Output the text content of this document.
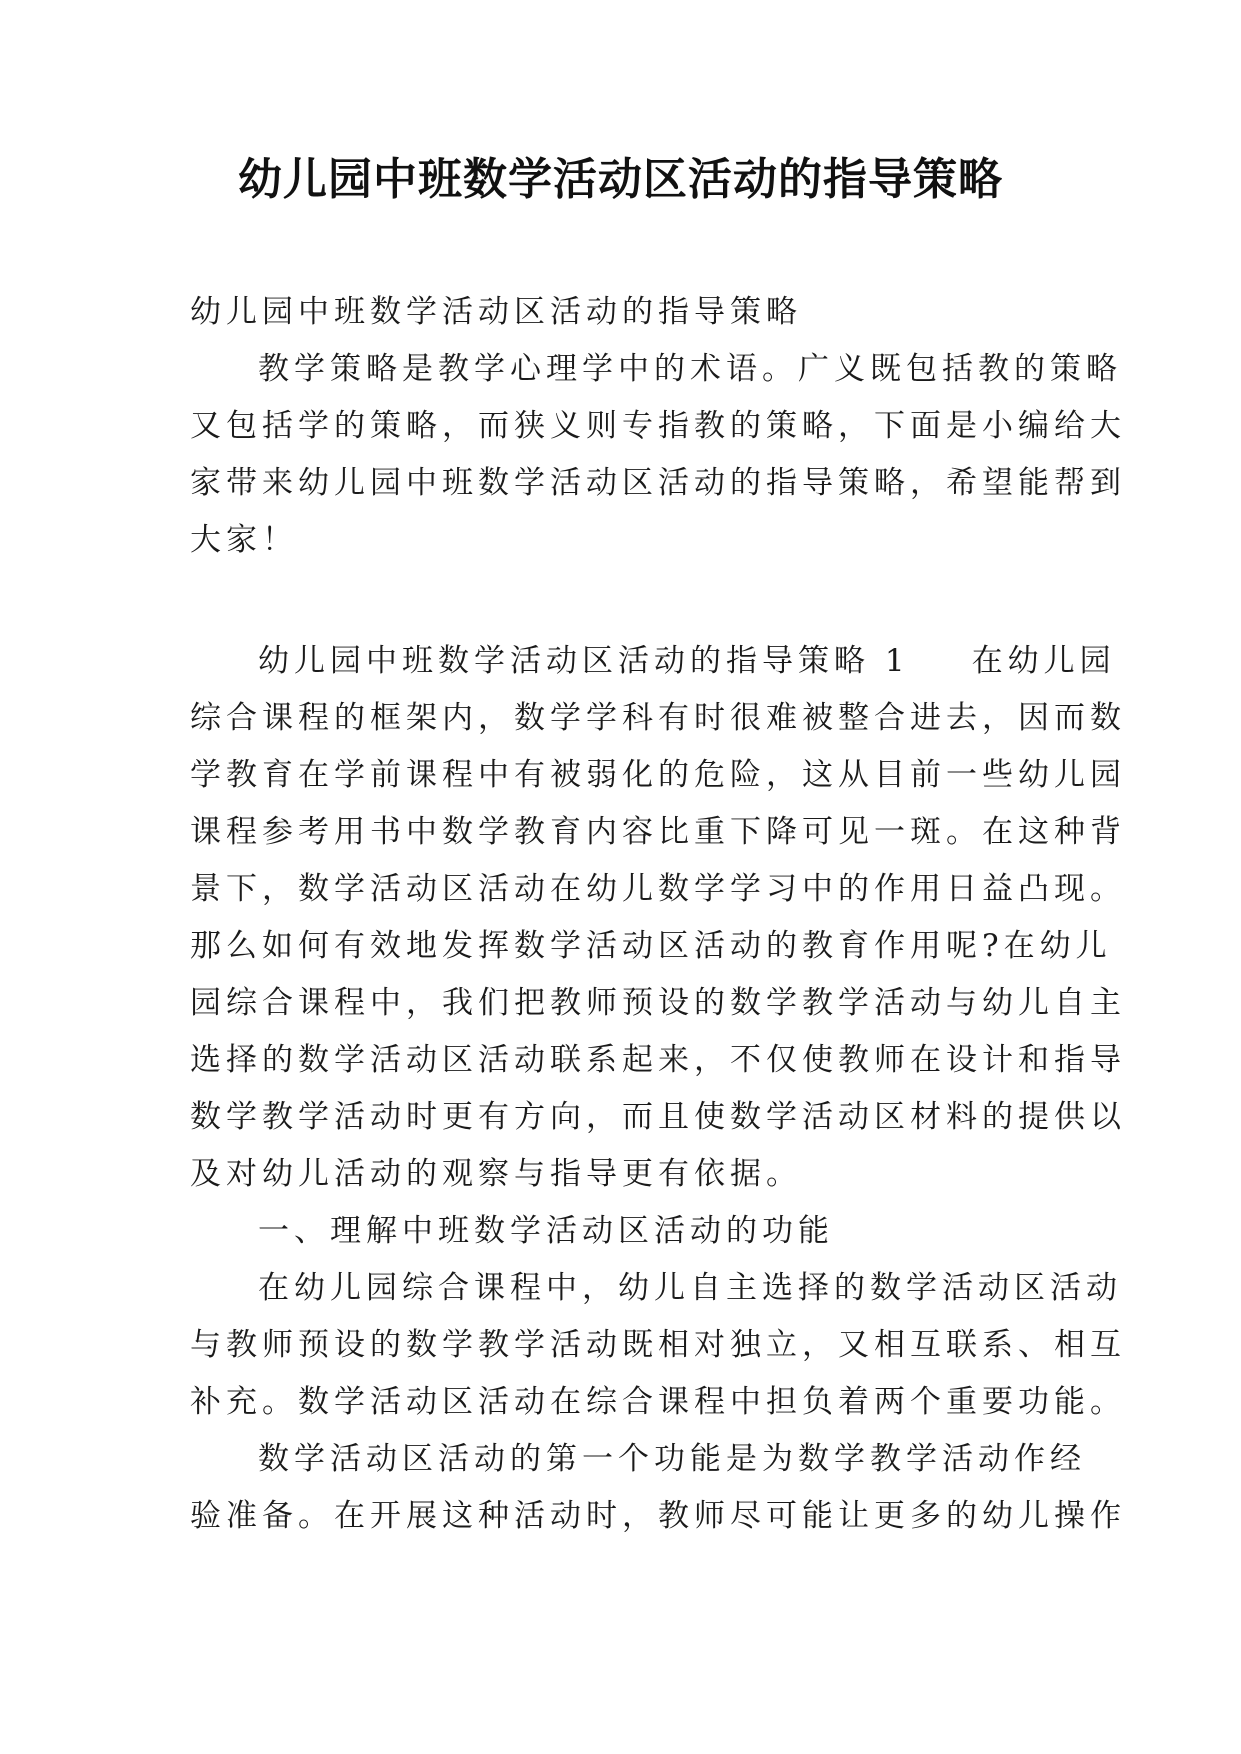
幼儿园中班数学活动区活动的指导策略
幼儿园中班数学活动区活动的指导策略
教学策略是教学心理学中的术语。广义既包括教的策略
又包括学的策略，而狭义则专指教的策略，下面是小编给大
家带来幼儿园中班数学活动区活动的指导策略，希望能帮到
大家！
幼儿园中班数学活动区活动的指导策略 1 在幼儿园
综合课程的框架内，数学学科有时很难被整合进去，因而数
学教育在学前课程中有被弱化的危险，这从目前一些幼儿园
课程参考用书中数学教育内容比重下降可见一斑。在这种背
景下，数学活动区活动在幼儿数学学习中的作用日益凸现。
那么如何有效地发挥数学活动区活动的教育作用呢?在幼儿
园综合课程中，我们把教师预设的数学教学活动与幼儿自主
选择的数学活动区活动联系起来，不仅使教师在设计和指导
数学教学活动时更有方向，而且使数学活动区材料的提供以
及对幼儿活动的观察与指导更有依据。
一、理解中班数学活动区活动的功能
在幼儿园综合课程中，幼儿自主选择的数学活动区活动
与教师预设的数学教学活动既相对独立，又相互联系、相互
补充。数学活动区活动在综合课程中担负着两个重要功能。
数学活动区活动的第一个功能是为数学教学活动作经
验准备。在开展这种活动时，教师尽可能让更多的幼儿操作
